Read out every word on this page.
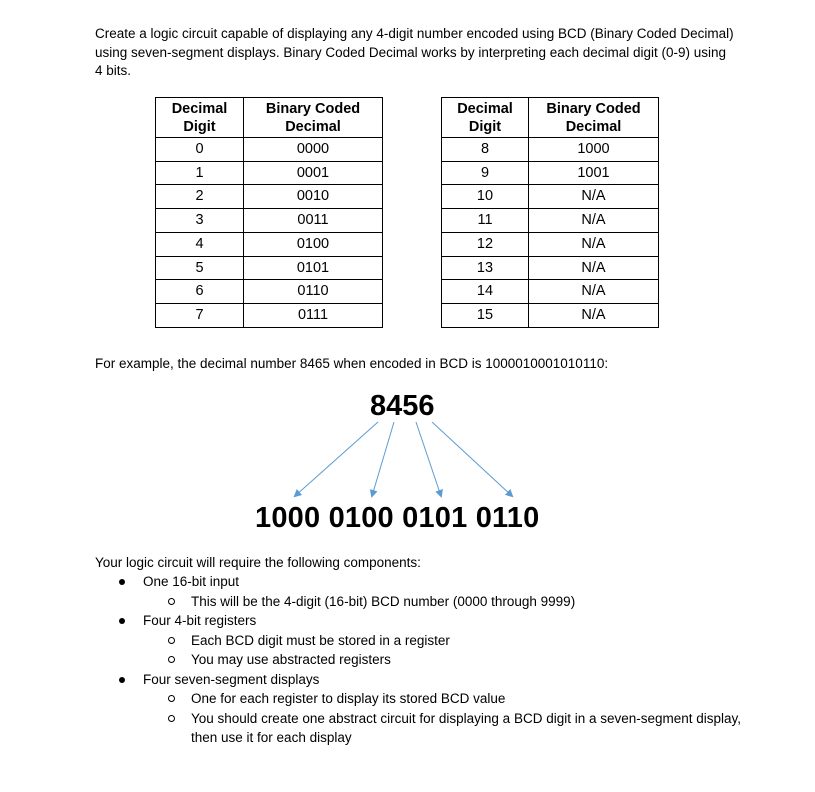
Create a logic circuit capable of displaying any 4-digit number encoded using BCD (Binary Coded Decimal) using seven-segment displays. Binary Coded Decimal works by interpreting each decimal digit (0-9) using 4 bits.

Decimal
Digit	Binary Coded
Decimal
0	0000
1	0001
2	0010
3	0011
4	0100
5	0101
6	0110
7	0111
Decimal
Digit	Binary Coded
Decimal
8	1000
9	1001
10	N/A
11	N/A
12	N/A
13	N/A
14	N/A
15	N/A

For example, the decimal number 8465 when encoded in BCD is 1000010001010110:

8456
1000 0100 0101 0110

Your logic circuit will require the following components:

One 16-bit input
This will be the 4-digit (16-bit) BCD number (0000 through 9999)
Four 4-bit registers
Each BCD digit must be stored in a register
You may use abstracted registers
Four seven-segment displays
One for each register to display its stored BCD value
You should create one abstract circuit for displaying a BCD digit in a seven-segment display, then use it for each display
